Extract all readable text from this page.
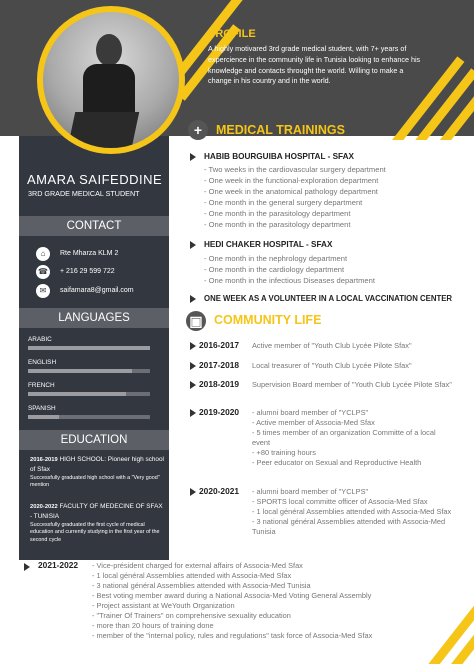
AMARA SAIFEDDINE
3RD GRADE MEDICAL STUDENT
CONTACT
⌂	Rte Mharza KLM 2
☎ + 216 29 599 722
✉	saifamara8@gmail.com
LANGUAGES
ARABIC
ENGLISH
FRENCH
SPANISH
EDUCATION
2016-2019 HIGH SCHOOL: Pioneer high school of Sfax
Successfully graduated high school with a "Very good" mention
2020-2022 FACULTY OF MEDECINE OF SFAX - TUNISIA
Successfully graduated the first cycle of medical education and currently studying in the first year of the second cycle
PROFILE
A highly motivared 3rd grade medical student, with 7+ years of expercience in the community life in Tunisia looking to enhance his knowledge and contacts throught the world. Willing to make a change in his country and in the world.
+	MEDICAL TRAININGS
HABIB BOURGUIBA HOSPITAL - SFAX
- Two weeks in the cardiovascular surgery department
- One week in the functional-exploration department
- One week in the anatomical pathology department
- One month in the general surgery department
- One month in the parasitology department
- One month in the parasitology department
HEDI CHAKER HOSPITAL - SFAX
- One month in the nephrology department
- One month in the cardiology department
- One month in the infectious Diseases department
ONE WEEK AS A VOLUNTEER IN A LOCAL VACCINATION CENTER
▣ COMMUNITY LIFE
2016-2017 Active member of "Youth Club Lycée Pilote Sfax"
2017-2018 Local treasurer of "Youth Club Lycée Pilote Sfax"
2018-2019 Supervision Board member of "Youth Club Lycée Pilote Sfax"
2019-2020 - alumni board member of "YCLPS"
- Active member of Associa-Med Sfax
- 5 times member of an organization Committe of a local event
- +80 training hours
- Peer educator on Sexual and Reproductive Health
2020-2021 - alumni board member of "YCLPS"
- SPORTS local committe officer of Associa-Med Sfax
- 1 local général Assemblies attended with Associa-Med Sfax
- 3 national général Assemblies attended with Associa-Med Tunisia
2021-2022 - Vice-président charged for external affairs of Associa-Med Sfax
- 1 local général Assemblies attended with Associa-Med Sfax
- 3 national général Assemblies attended with Associa-Med Tunisia
- Best voting member award during a National Associa-Med Voting General Assembly
- Project assistant at WeYouth Organization
- "Trainer Of Trainers" on comprehensive sexuality education
- more than 20 hours of training done
- member of the "internal policy, rules and regulations" task force of Associa-Med Sfax
